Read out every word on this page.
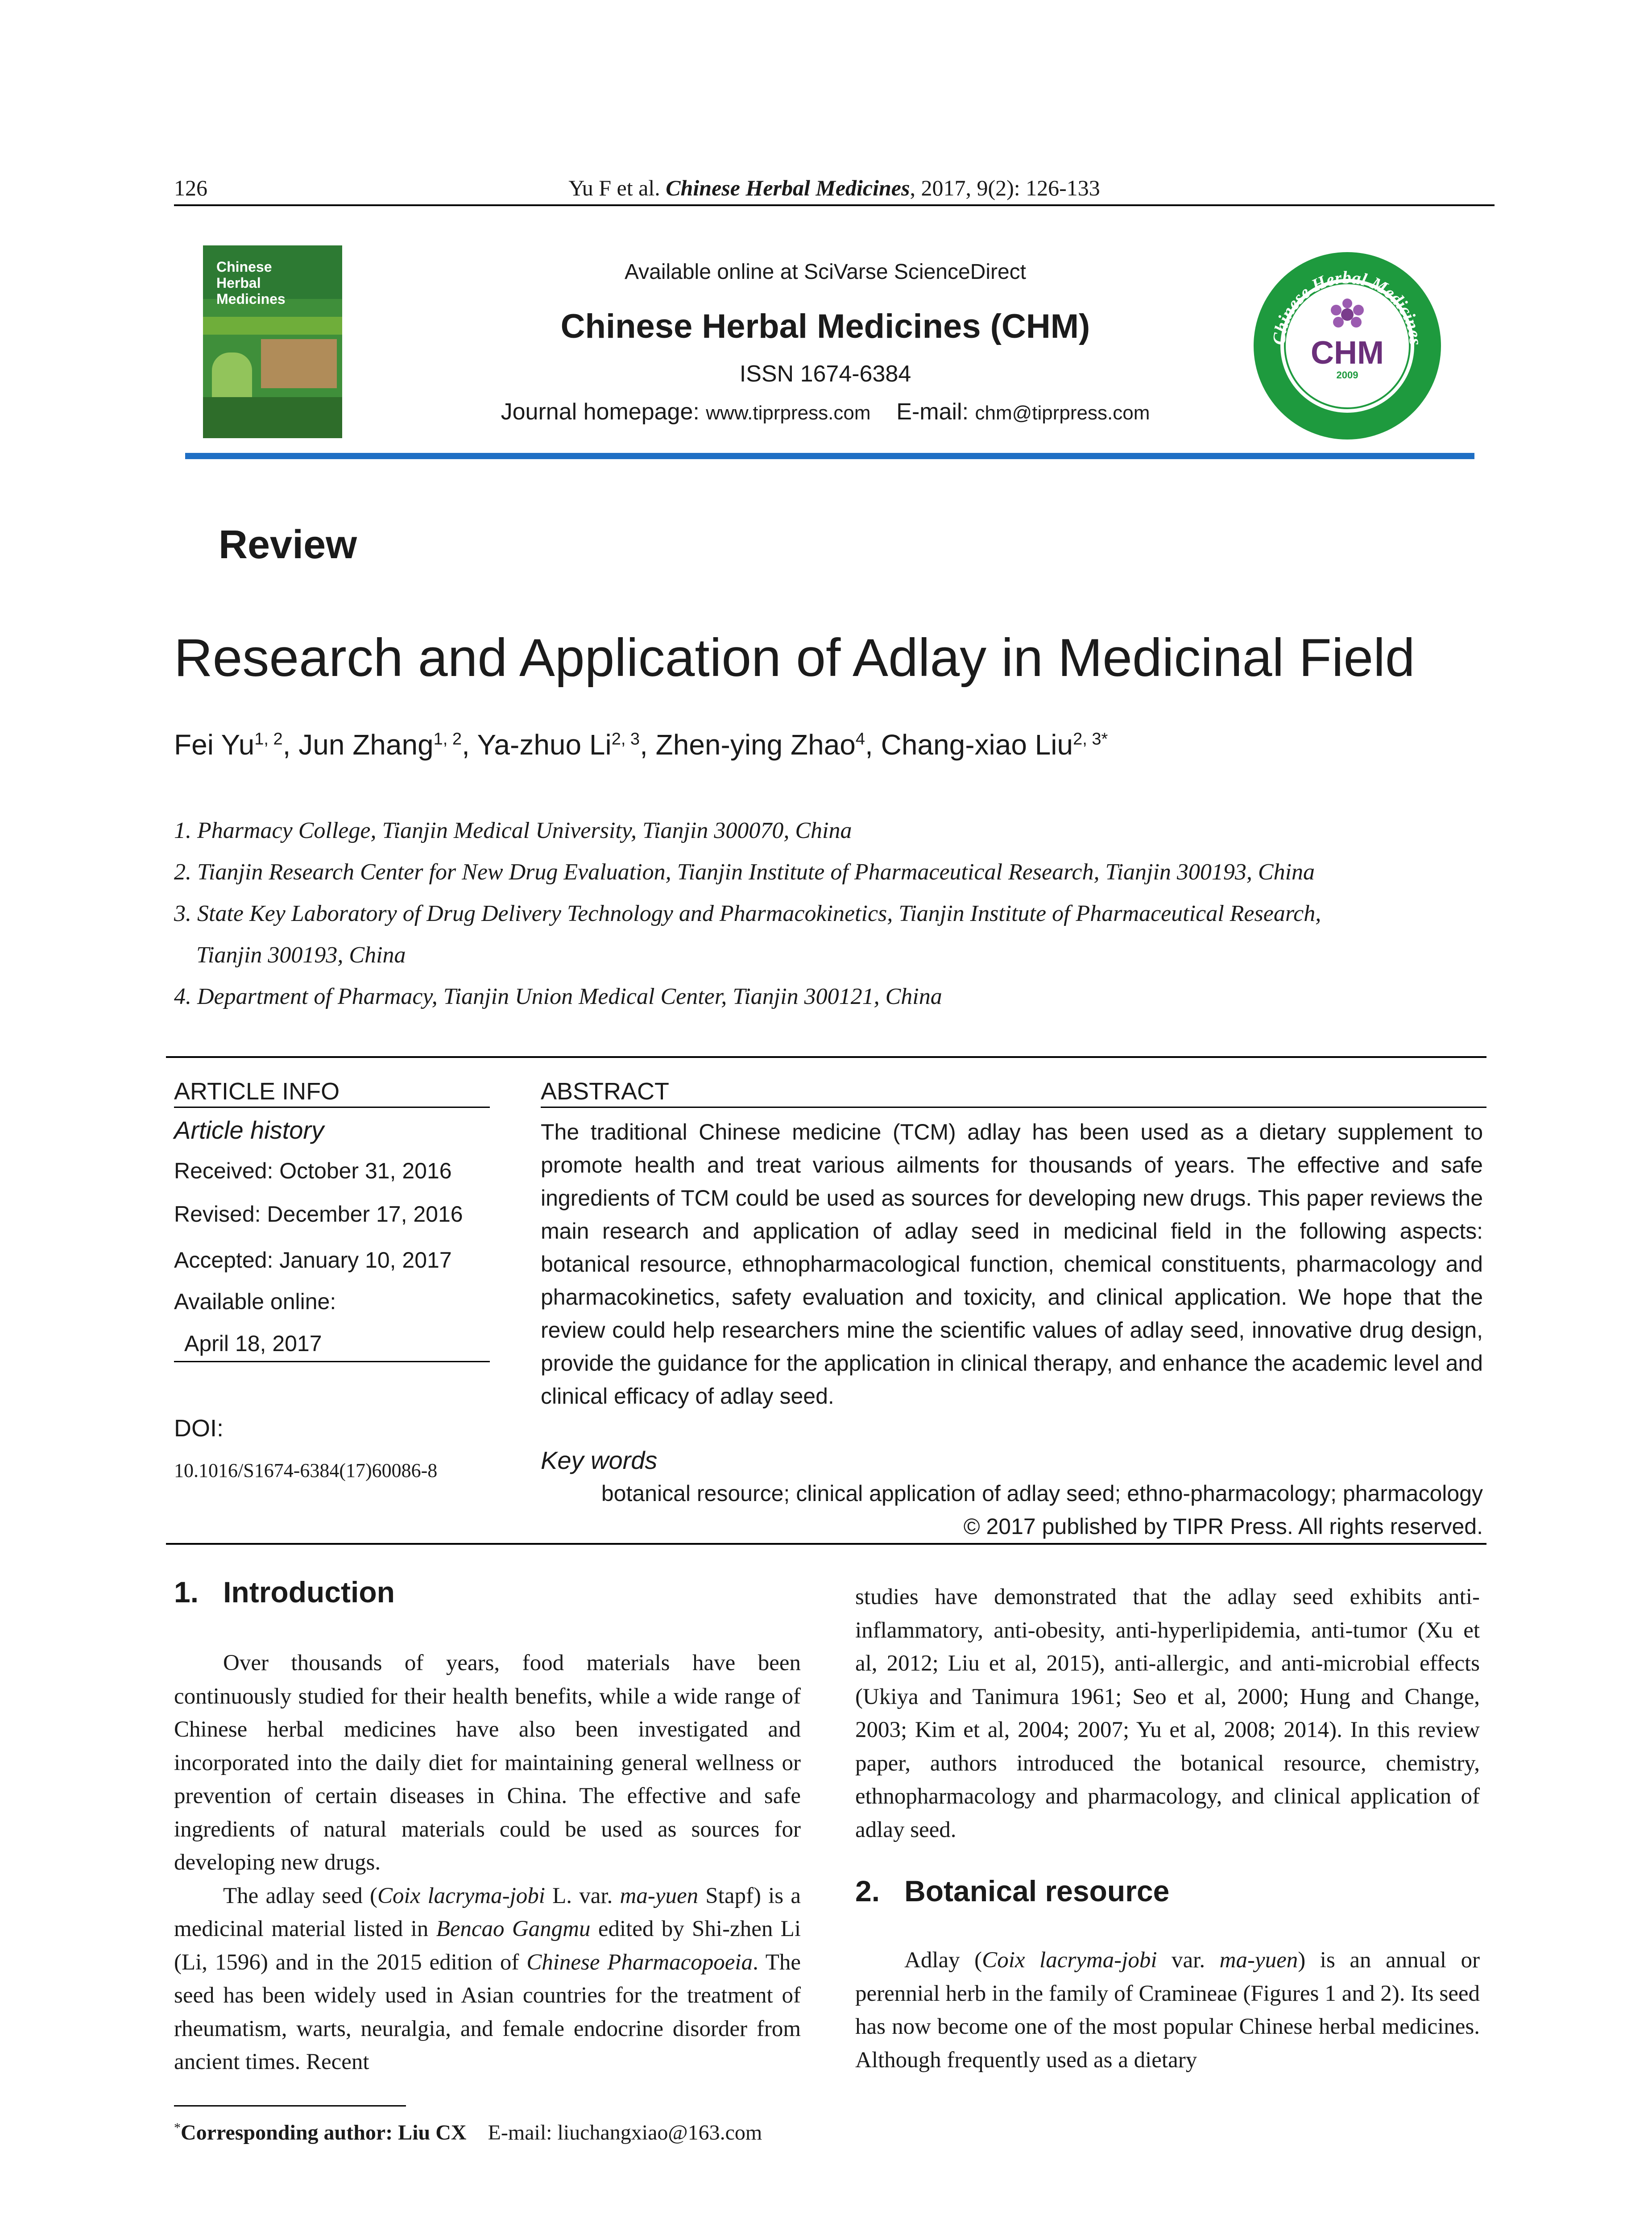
126	Yu F et al. Chinese Herbal Medicines, 2017, 9(2): 126-133
Chinese Herbal Medicines
Available online at SciVarse ScienceDirect
Chinese Herbal Medicines (CHM)
ISSN 1674-6384
Journal homepage: www.tiprpress.com E-mail: chm@tiprpress.com
Chinese Herbal Medicines
TIPR PRESS
CHM
2009
Review
Research and Application of Adlay in Medicinal Field
Fei Yu$^{1, 2}$, Jun Zhang$^{1, 2}$, Ya-zhuo Li$^{2, 3}$, Zhen-ying Zhao$^4$, Chang-xiao Liu$^{2, 3*}$
1. Pharmacy College, Tianjin Medical University, Tianjin 300070, China
2. Tianjin Research Center for New Drug Evaluation, Tianjin Institute of Pharmaceutical Research, Tianjin 300193, China
3. State Key Laboratory of Drug Delivery Technology and Pharmacokinetics, Tianjin Institute of Pharmaceutical Research,
Tianjin 300193, China
4. Department of Pharmacy, Tianjin Union Medical Center, Tianjin 300121, China
ARTICLE INFO
Article history
Received: October 31, 2016
Revised: December 17, 2016
Accepted: January 10, 2017
Available online:
April 18, 2017
DOI:
10.1016/S1674-6384(17)60086-8
ABSTRACT
The traditional Chinese medicine (TCM) adlay has been used as a dietary supplement to promote health and treat various ailments for thousands of years. The effective and safe ingredients of TCM could be used as sources for developing new drugs. This paper reviews the main research and application of adlay seed in medicinal field in the following aspects: botanical resource, ethnopharmacological function, chemical constituents, pharmacology and pharmacokinetics, safety evaluation and toxicity, and clinical application. We hope that the review could help researchers mine the scientific values of adlay seed, innovative drug design, provide the guidance for the application in clinical therapy, and enhance the academic level and clinical efficacy of adlay seed.
Key words
botanical resource; clinical application of adlay seed; ethno-pharmacology; pharmacology
© 2017 published by TIPR Press. All rights reserved.
1. Introduction

Over thousands of years, food materials have been continuously studied for their health benefits, while a wide range of Chinese herbal medicines have also been investigated and incorporated into the daily diet for maintaining general wellness or prevention of certain diseases in China. The effective and safe ingredients of natural materials could be used as sources for developing new drugs.

The adlay seed (Coix lacryma-jobi L. var. ma-yuen Stapf) is a medicinal material listed in Bencao Gangmu edited by Shi-zhen Li (Li, 1596) and in the 2015 edition of Chinese Pharmacopoeia. The seed has been widely used in Asian countries for the treatment of rheumatism, warts, neuralgia, and female endocrine disorder from ancient times. Recent

studies have demonstrated that the adlay seed exhibits anti-inflammatory, anti-obesity, anti-hyperlipidemia, anti-tumor (Xu et al, 2012; Liu et al, 2015), anti-allergic, and anti-microbial effects (Ukiya and Tanimura 1961; Seo et al, 2000; Hung and Change, 2003; Kim et al, 2004; 2007; Yu et al, 2008; 2014). In this review paper, authors introduced the botanical resource, chemistry, ethnopharmacology and pharmacology, and clinical application of adlay seed.

2. Botanical resource

Adlay (Coix lacryma-jobi var. ma-yuen) is an annual or perennial herb in the family of Cramineae (Figures 1 and 2). Its seed has now become one of the most popular Chinese herbal medicines. Although frequently used as a dietary

*Corresponding author: Liu CX E-mail: liuchangxiao@163.com
